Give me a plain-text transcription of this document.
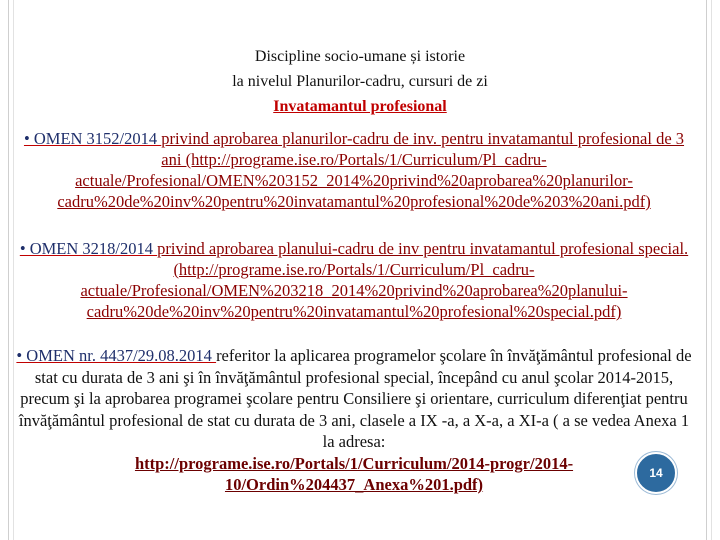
Discipline socio-umane și istorie
la nivelul Planurilor-cadru, cursuri de zi
Invatamantul profesional
• OMEN 3152/2014 privind aprobarea planurilor-cadru de inv. pentru invatamantul profesional de 3 ani (http://programe.ise.ro/Portals/1/Curriculum/Pl_cadru-actuale/Profesional/OMEN%203152_2014%20privind%20aprobarea%20planurilor-cadru%20de%20inv%20pentru%20invatamantul%20profesional%20de%203%20ani.pdf)
• OMEN 3218/2014 privind aprobarea planului-cadru de inv pentru invatamantul profesional special.(http://programe.ise.ro/Portals/1/Curriculum/Pl_cadru-actuale/Profesional/OMEN%203218_2014%20privind%20aprobarea%20planului-cadru%20de%20inv%20pentru%20invatamantul%20profesional%20special.pdf)
• OMEN nr. 4437/29.08.2014 referitor la aplicarea programelor şcolare în învăţământul profesional de stat cu durata de 3 ani şi în învăţământul profesional special, începând cu anul şcolar 2014-2015, precum şi la aprobarea programei şcolare pentru Consiliere şi orientare, curriculum diferenţiat pentru învăţământul profesional de stat cu durata de 3 ani, clasele a IX -a, a X-a, a XI-a ( a se vedea Anexa 1 la adresa:
http://programe.ise.ro/Portals/1/Curriculum/2014-progr/2014-10/Ordin%204437_Anexa%201.pdf)
14
